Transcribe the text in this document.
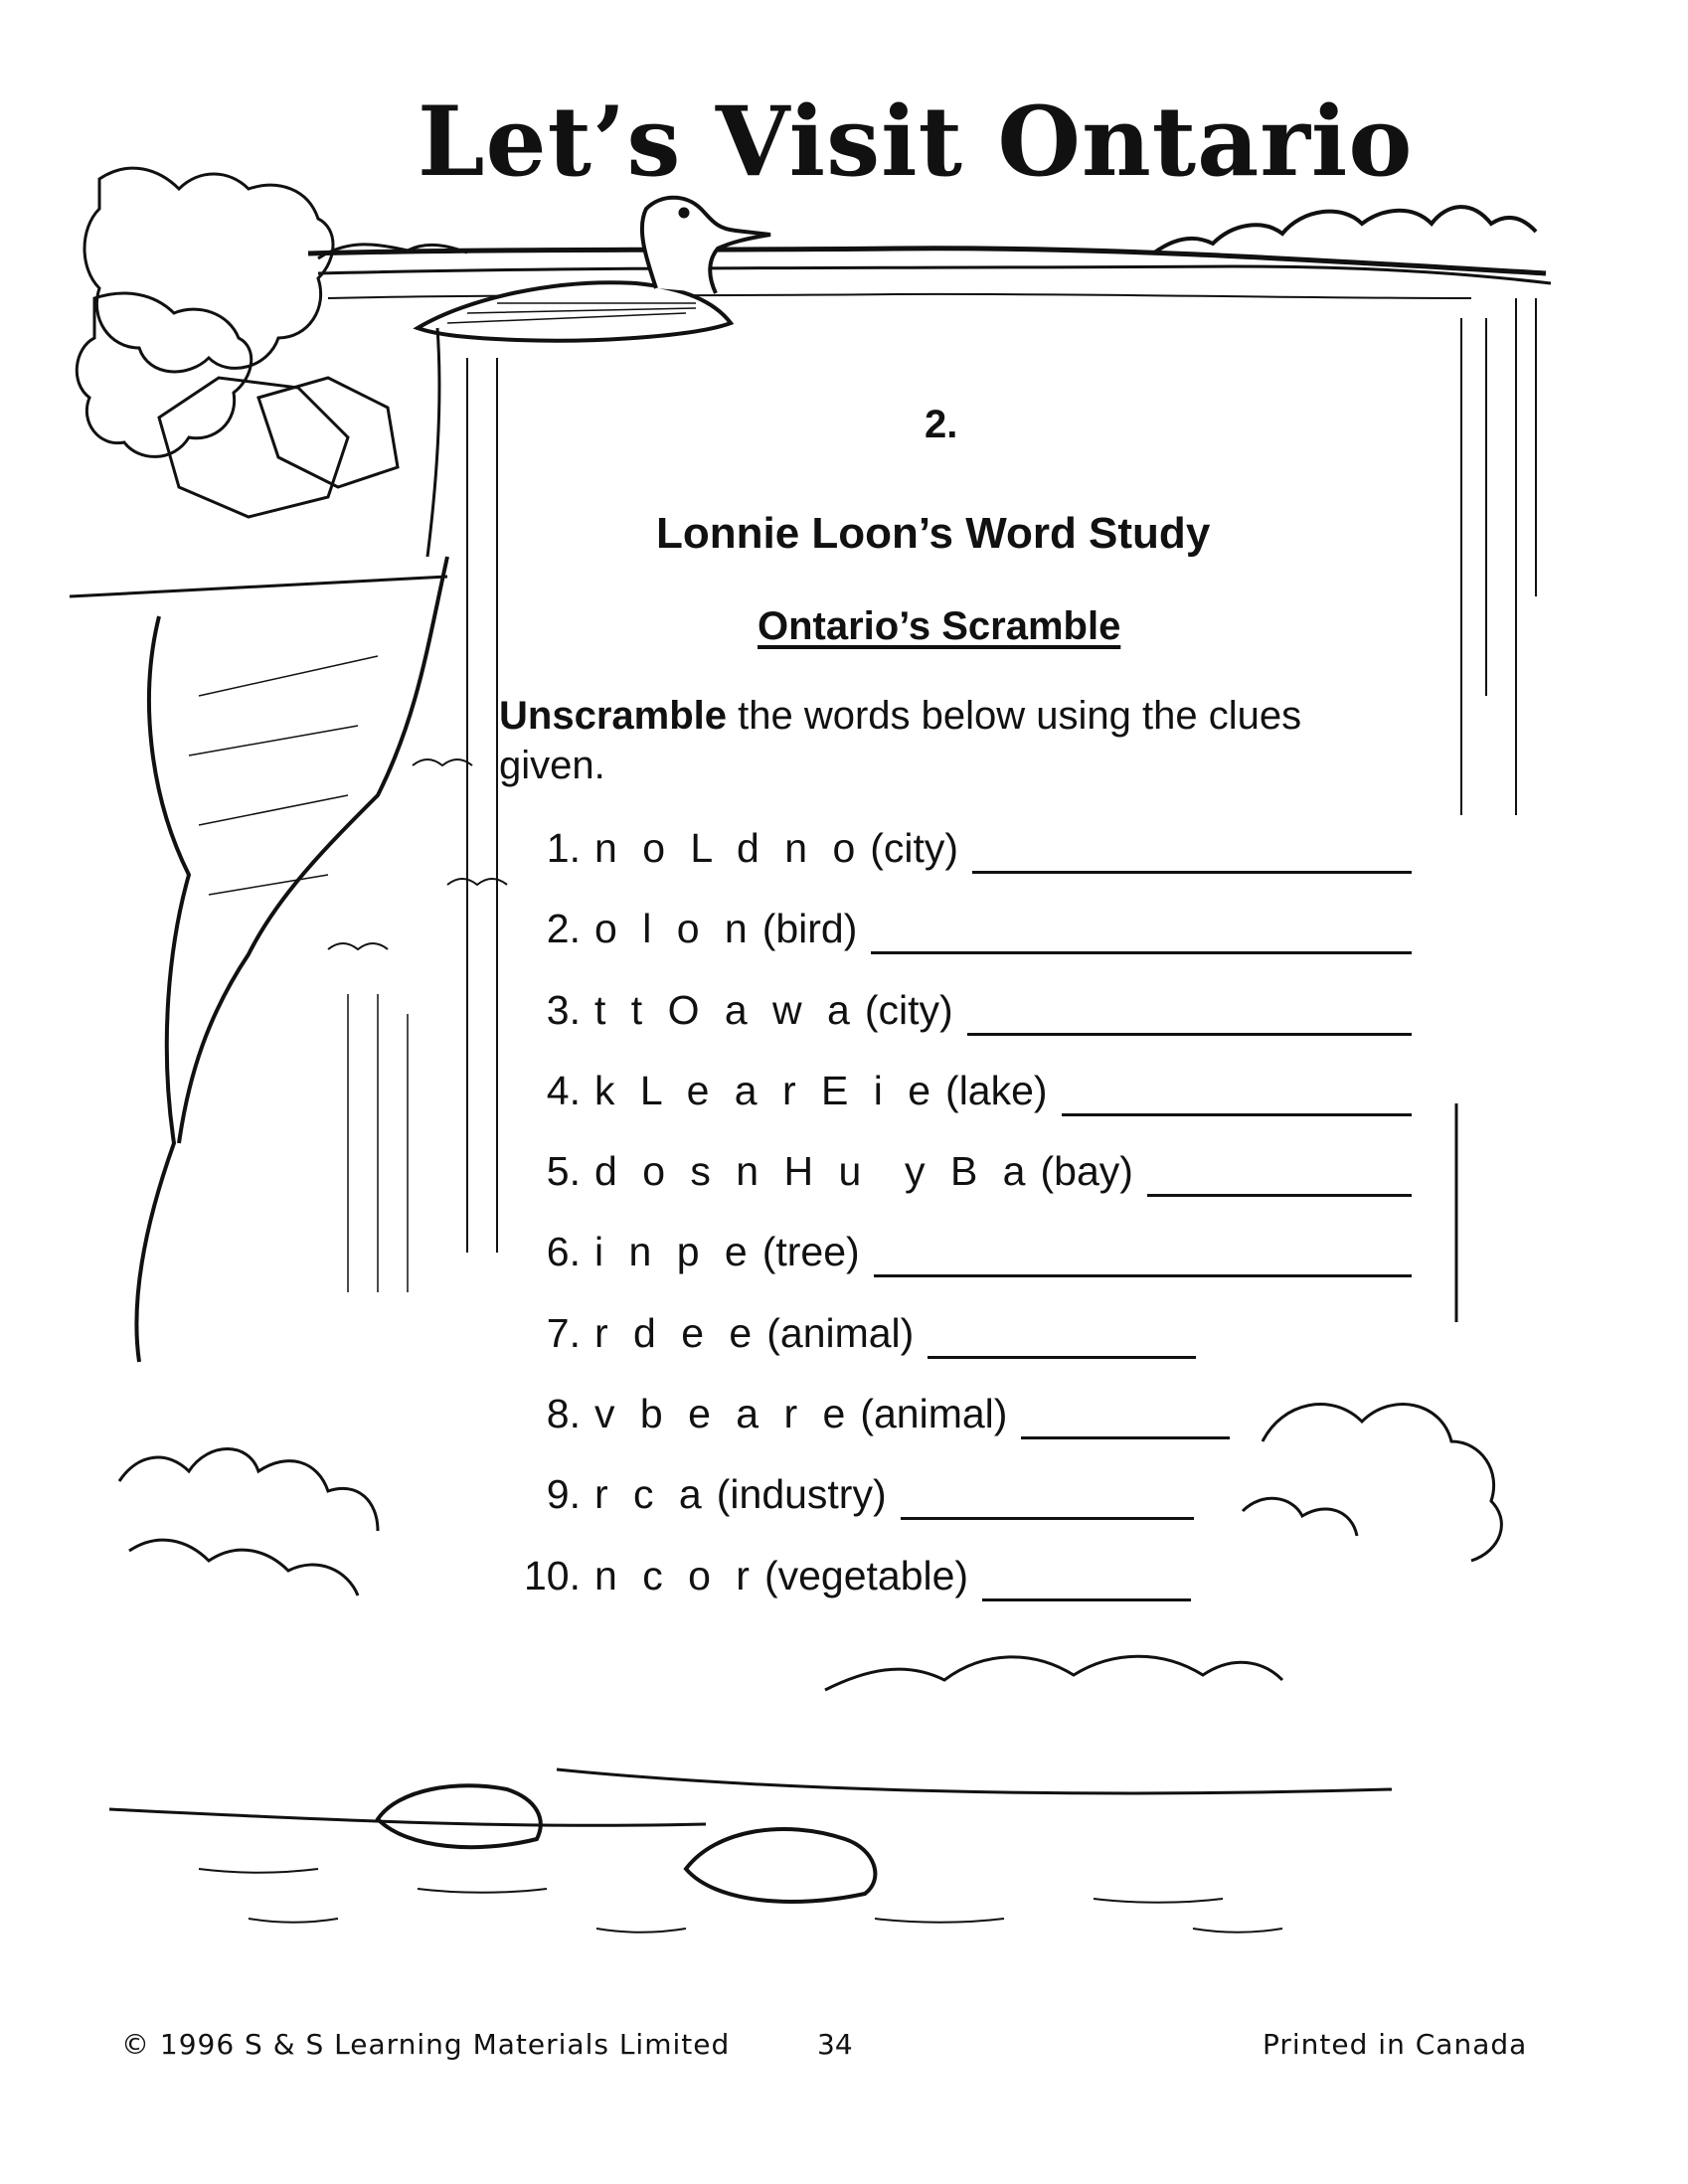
Let’s Visit Ontario
2.
Lonnie Loon’s Word Study
Ontario’s Scramble
Unscramble the words below using the clues given.
1. n o L d n o (city)
2. o l o n (bird)
3. t t O a w a (city)
4. k L e a r E i e (lake)
5. d o s n H u  y B a (bay)
6. i n p e (tree)
7. r d e e (animal)
8. v b e a r e (animal)
9. r c a (industry)
10. n c o r (vegetable)
© 1996 S & S Learning Materials Limited	34	Printed in Canada
